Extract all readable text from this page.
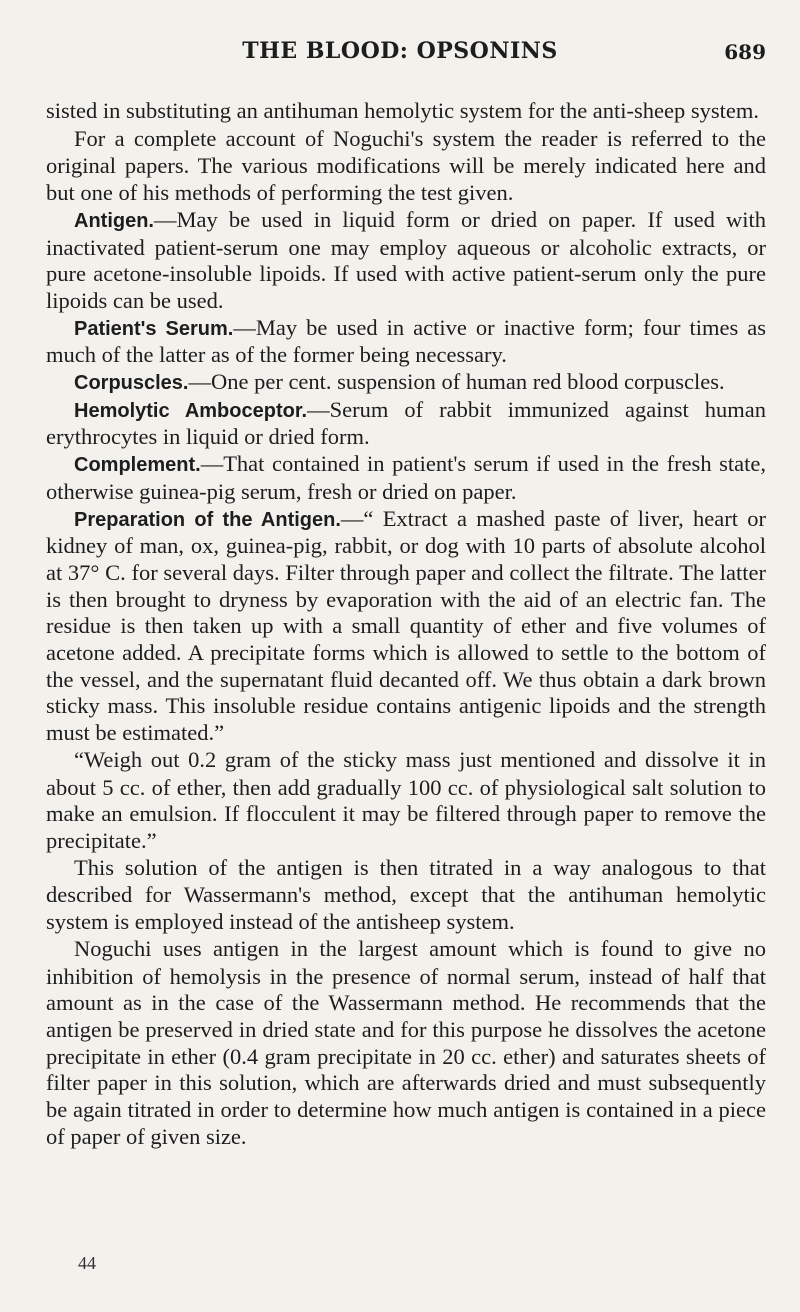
THE BLOOD: OPSONINS	689

sisted in substituting an antihuman hemolytic system for the anti-sheep system.

For a complete account of Noguchi's system the reader is referred to the original papers. The various modifications will be merely indicated here and but one of his methods of performing the test given.

Antigen.—May be used in liquid form or dried on paper. If used with inactivated patient-serum one may employ aqueous or alcoholic extracts, or pure acetone-insoluble lipoids. If used with active patient-serum only the pure lipoids can be used.

Patient's Serum.—May be used in active or inactive form; four times as much of the latter as of the former being necessary.

Corpuscles.—One per cent. suspension of human red blood corpuscles.

Hemolytic Amboceptor.—Serum of rabbit immunized against human erythrocytes in liquid or dried form.

Complement.—That contained in patient's serum if used in the fresh state, otherwise guinea-pig serum, fresh or dried on paper.

Preparation of the Antigen.—“ Extract a mashed paste of liver, heart or kidney of man, ox, guinea-pig, rabbit, or dog with 10 parts of absolute alcohol at 37° C. for several days. Filter through paper and collect the filtrate. The latter is then brought to dryness by evaporation with the aid of an electric fan. The residue is then taken up with a small quantity of ether and five volumes of acetone added. A precipitate forms which is allowed to settle to the bottom of the vessel, and the supernatant fluid decanted off. We thus obtain a dark brown sticky mass. This insoluble residue contains antigenic lipoids and the strength must be estimated.”

“Weigh out 0.2 gram of the sticky mass just mentioned and dissolve it in about 5 cc. of ether, then add gradually 100 cc. of physiological salt solution to make an emulsion. If flocculent it may be filtered through paper to remove the precipitate.”

This solution of the antigen is then titrated in a way analogous to that described for Wassermann's method, except that the antihuman hemolytic system is employed instead of the antisheep system.

Noguchi uses antigen in the largest amount which is found to give no inhibition of hemolysis in the presence of normal serum, instead of half that amount as in the case of the Wassermann method. He recommends that the antigen be preserved in dried state and for this purpose he dissolves the acetone precipitate in ether (0.4 gram precipitate in 20 cc. ether) and saturates sheets of filter paper in this solution, which are afterwards dried and must subsequently be again titrated in order to determine how much antigen is contained in a piece of paper of given size.

44
